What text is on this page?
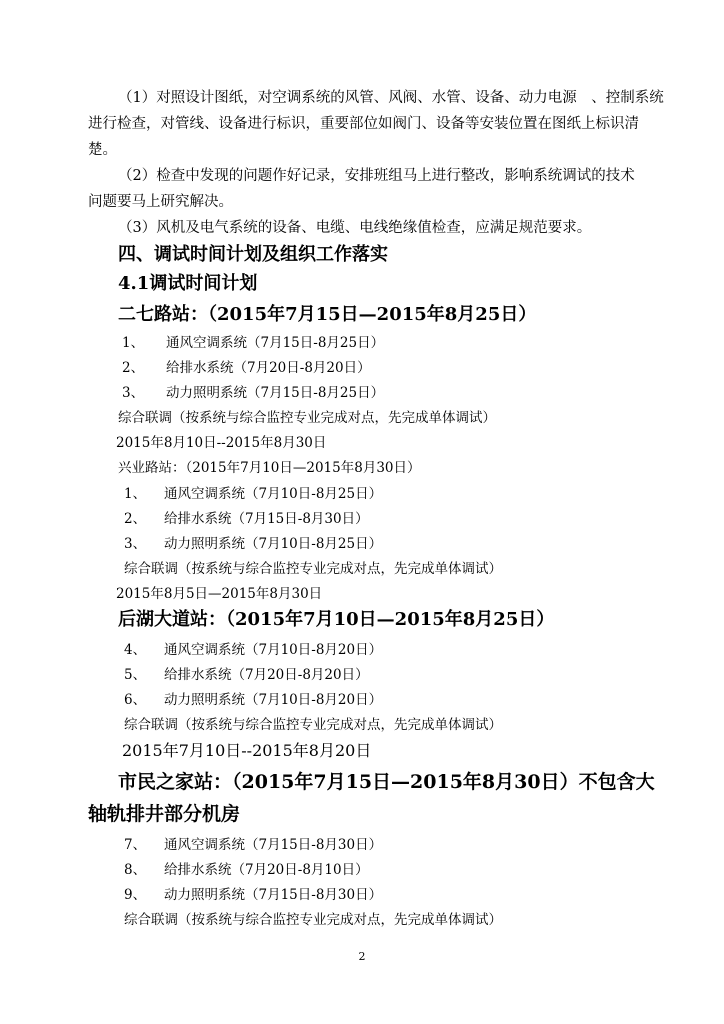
（1）对照设计图纸，对空调系统的风管、风阀、水管、设备、动力电源　、控制系统
进行检查，对管线、设备进行标识，重要部位如阀门、设备等安装位置在图纸上标识清
楚。
（2）检查中发现的问题作好记录，安排班组马上进行整改，影响系统调试的技术
问题要马上研究解决。
（3）风机及电气系统的设备、电缆、电线绝缘值检查，应满足规范要求。
四、调试时间计划及组织工作落实
4.1调试时间计划
二七路站：（2015年7月15日—2015年8月25日）
1、 通风空调系统（7月15日-8月25日）
2、 给排水系统（7月20日-8月20日）
3、 动力照明系统（7月15日-8月25日）
综合联调（按系统与综合监控专业完成对点，先完成单体调试）
2015年8月10日--2015年8月30日
兴业路站：（2015年7月10日—2015年8月30日）
1、 通风空调系统（7月10日-8月25日）
2、 给排水系统（7月15日-8月30日）
3、 动力照明系统（7月10日-8月25日）
综合联调（按系统与综合监控专业完成对点，先完成单体调试）
2015年8月5日—2015年8月30日
后湖大道站：（2015年7月10日—2015年8月25日）
4、 通风空调系统（7月10日-8月20日）
5、 给排水系统（7月20日-8月20日）
6、 动力照明系统（7月10日-8月20日）
综合联调（按系统与综合监控专业完成对点，先完成单体调试）
2015年7月10日--2015年8月20日
市民之家站：（2015年7月15日—2015年8月30日）不包含大
轴轨排井部分机房
7、 通风空调系统（7月15日-8月30日）
8、 给排水系统（7月20日-8月10日）
9、 动力照明系统（7月15日-8月30日）
综合联调（按系统与综合监控专业完成对点，先完成单体调试）
2
